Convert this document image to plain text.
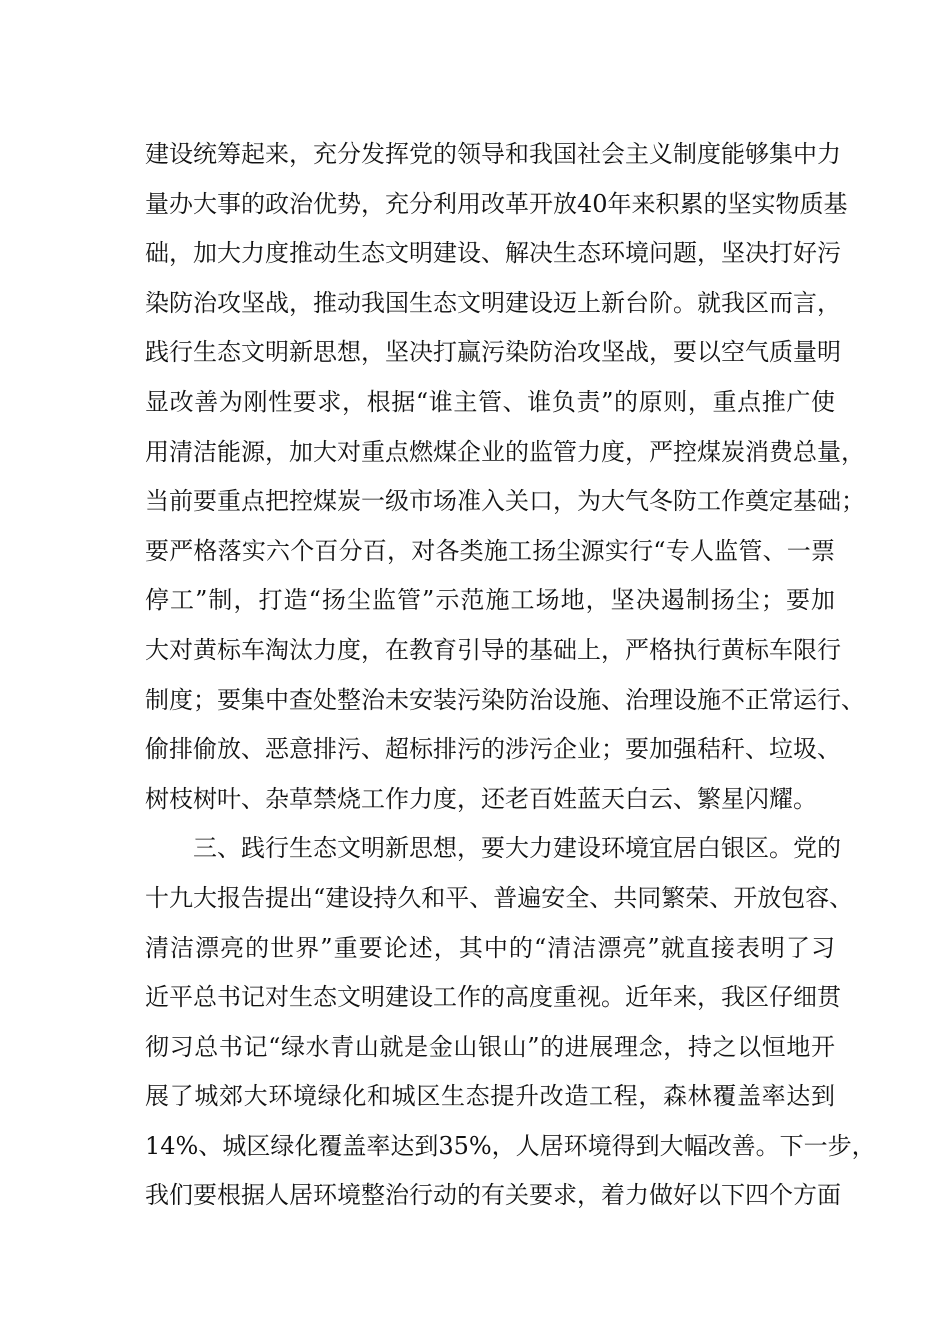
建设统筹起来，充分发挥党的领导和我国社会主义制度能够集中力
量办大事的政治优势，充分利用改革开放40年来积累的坚实物质基
础，加大力度推动生态文明建设、解决生态环境问题，坚决打好污
染防治攻坚战，推动我国生态文明建设迈上新台阶。就我区而言，
践行生态文明新思想，坚决打赢污染防治攻坚战，要以空气质量明
显改善为刚性要求，根据“谁主管、谁负责”的原则，重点推广使
用清洁能源，加大对重点燃煤企业的监管力度，严控煤炭消费总量，
当前要重点把控煤炭一级市场准入关口，为大气冬防工作奠定基础；
要严格落实六个百分百，对各类施工扬尘源实行“专人监管、一票
停工”制，打造“扬尘监管”示范施工场地，坚决遏制扬尘；要加
大对黄标车淘汰力度，在教育引导的基础上，严格执行黄标车限行
制度；要集中查处整治未安装污染防治设施、治理设施不正常运行、
偷排偷放、恶意排污、超标排污的涉污企业；要加强秸秆、垃圾、
树枝树叶、杂草禁烧工作力度，还老百姓蓝天白云、繁星闪耀。
三、践行生态文明新思想，要大力建设环境宜居白银区。党的
十九大报告提出“建设持久和平、普遍安全、共同繁荣、开放包容、
清洁漂亮的世界”重要论述，其中的“清洁漂亮”就直接表明了习
近平总书记对生态文明建设工作的高度重视。近年来，我区仔细贯
彻习总书记“绿水青山就是金山银山”的进展理念，持之以恒地开
展了城郊大环境绿化和城区生态提升改造工程，森林覆盖率达到
14%、城区绿化覆盖率达到35%，人居环境得到大幅改善。下一步，
我们要根据人居环境整治行动的有关要求，着力做好以下四个方面
